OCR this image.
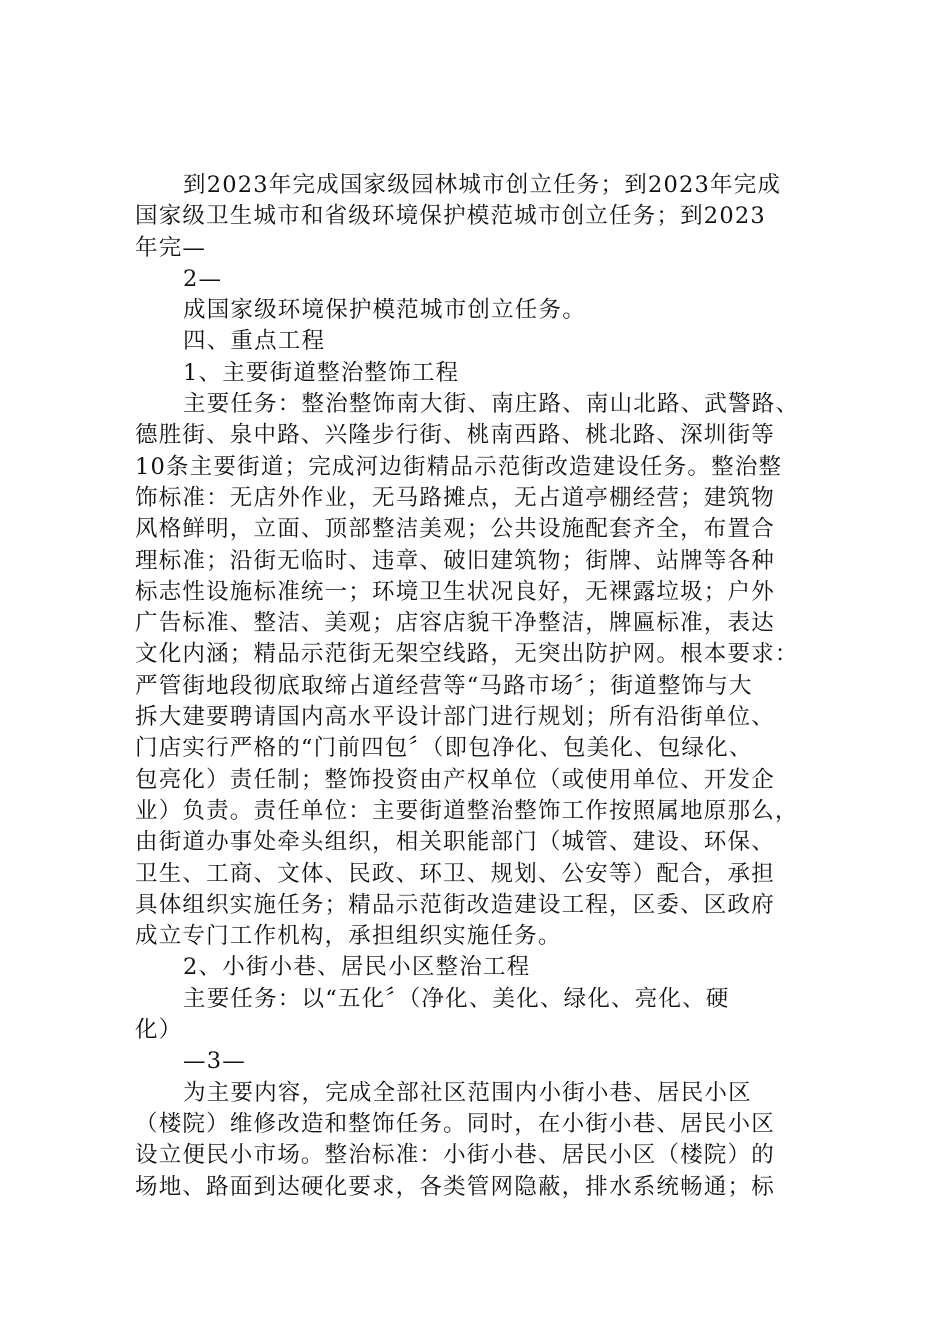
到2023年完成国家级园林城市创立任务；到2023年完成
国家级卫生城市和省级环境保护模范城市创立任务；到2023
年完—
2—
成国家级环境保护模范城市创立任务。
四、重点工程
1、主要街道整治整饰工程
主要任务：整治整饰南大街、南庄路、南山北路、武警路、
德胜街、泉中路、兴隆步行街、桃南西路、桃北路、深圳街等
10条主要街道；完成河边街精品示范街改造建设任务。整治整
饰标准：无店外作业，无马路摊点，无占道亭棚经营；建筑物
风格鲜明，立面、顶部整洁美观；公共设施配套齐全，布置合
理标准；沿街无临时、违章、破旧建筑物；街牌、站牌等各种
标志性设施标准统一；环境卫生状况良好，无裸露垃圾；户外
广告标准、整洁、美观；店容店貌干净整洁，牌匾标准，表达
文化内涵；精品示范街无架空线路，无突出防护网。根本要求：
严管街地段彻底取缔占道经营等“马路市场〞；街道整饰与大
拆大建要聘请国内高水平设计部门进行规划；所有沿街单位、
门店实行严格的“门前四包〞（即包净化、包美化、包绿化、
包亮化）责任制；整饰投资由产权单位（或使用单位、开发企
业）负责。责任单位：主要街道整治整饰工作按照属地原那么，
由街道办事处牵头组织，相关职能部门（城管、建设、环保、
卫生、工商、文体、民政、环卫、规划、公安等）配合，承担
具体组织实施任务；精品示范街改造建设工程，区委、区政府
成立专门工作机构，承担组织实施任务。
2、小街小巷、居民小区整治工程
主要任务：以“五化〞（净化、美化、绿化、亮化、硬
化）
—3—
为主要内容，完成全部社区范围内小街小巷、居民小区
（楼院）维修改造和整饰任务。同时，在小街小巷、居民小区
设立便民小市场。整治标准：小街小巷、居民小区（楼院）的
场地、路面到达硬化要求，各类管网隐蔽，排水系统畅通；标
